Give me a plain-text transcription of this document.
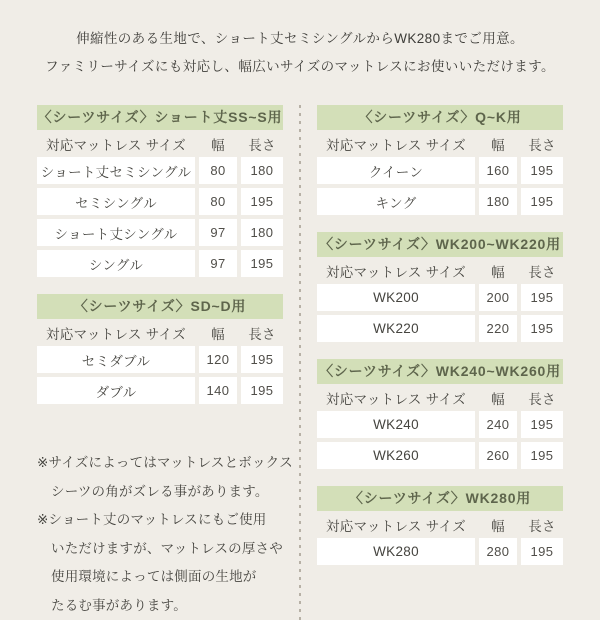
伸縮性のある生地で、ショート丈セミシングルからWK280までご用意。
ファミリーサイズにも対応し、幅広いサイズのマットレスにお使いいただけます。
〈シーツサイズ〉ショート丈SS~S用
対応マットレス サイズ	幅	長さ
ショート丈セミシングル	80	180
セミシングル	80	195
ショート丈シングル	97	180
シングル	97	195
〈シーツサイズ〉SD~D用
対応マットレス サイズ	幅	長さ
セミダブル	120	195
ダブル	140	195
※サイズによってはマットレスとボックス
シーツの角がズレる事があります。
※ショート丈のマットレスにもご使用
いただけますが、マットレスの厚さや
使用環境によっては側面の生地が
たるむ事があります。
〈シーツサイズ〉Q~K用
対応マットレス サイズ	幅	長さ
クイーン	160	195
キング	180	195
〈シーツサイズ〉WK200~WK220用
対応マットレス サイズ	幅	長さ
WK200	200	195
WK220	220	195
〈シーツサイズ〉WK240~WK260用
対応マットレス サイズ	幅	長さ
WK240	240	195
WK260	260	195
〈シーツサイズ〉WK280用
対応マットレス サイズ	幅	長さ
WK280	280	195
